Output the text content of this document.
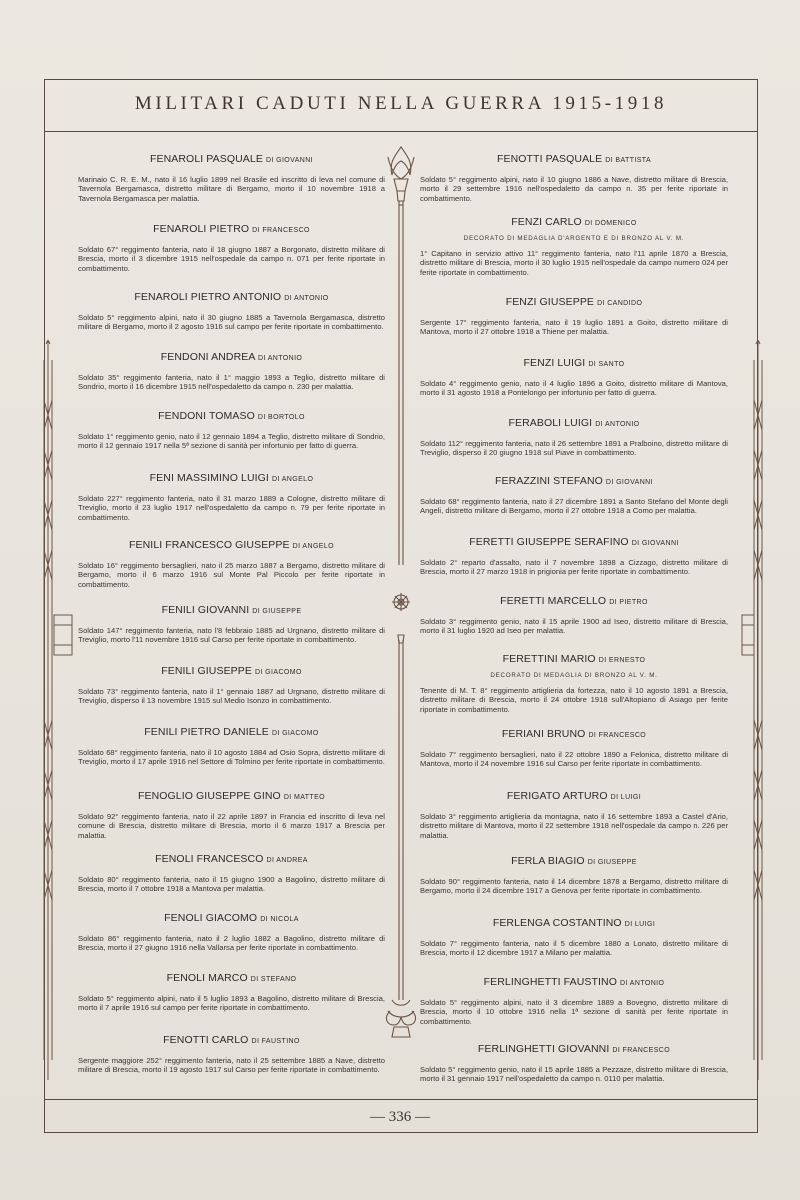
MILITARI CADUTI NELLA GUERRA 1915-1918
— 336 —
FENAROLI PASQUALE DI GIOVANNI
Marinaio C. R. E. M., nato il 16 luglio 1899 nel Brasile ed inscritto di leva nel comune di Tavernola Bergamasca, distretto militare di Bergamo, morto il 10 novembre 1918 a Tavernola Bergamasca per malattia.
FENAROLI PIETRO DI FRANCESCO
Soldato 67° reggimento fanteria, nato il 18 giugno 1887 a Borgonato, distretto militare di Brescia, morto il 3 dicembre 1915 nell'ospedale da campo n. 071 per ferite riportate in combattimento.
FENAROLI PIETRO ANTONIO DI ANTONIO
Soldato 5° reggimento alpini, nato il 30 giugno 1885 a Tavernola Bergamasca, distretto militare di Bergamo, morto il 2 agosto 1916 sul campo per ferite riportate in combattimento.
FENDONI ANDREA DI ANTONIO
Soldato 35° reggimento fanteria, nato il 1° maggio 1893 a Teglio, distretto militare di Sondrio, morto il 16 dicembre 1915 nell'ospedaletto da campo n. 230 per malattia.
FENDONI TOMASO DI BORTOLO
Soldato 1° reggimento genio, nato il 12 gennaio 1894 a Teglio, distretto militare di Sondrio, morto il 12 gennaio 1917 nella 5ª sezione di sanità per infortunio per fatto di guerra.
FENI MASSIMINO LUIGI DI ANGELO
Soldato 227° reggimento fanteria, nato il 31 marzo 1889 a Cologne, distretto militare di Treviglio, morto il 23 luglio 1917 nell'ospedaletto da campo n. 79 per ferite riportate in combattimento.
FENILI FRANCESCO GIUSEPPE DI ANGELO
Soldato 16° reggimento bersaglieri, nato il 25 marzo 1887 a Bergamo, distretto militare di Bergamo, morto il 6 marzo 1916 sul Monte Pal Piccolo per ferite riportate in combattimento.
FENILI GIOVANNI DI GIUSEPPE
Soldato 147° reggimento fanteria, nato l'8 febbraio 1885 ad Urgnano, distretto militare di Treviglio, morto l'11 novembre 1916 sul Carso per ferite riportate in combattimento.
FENILI GIUSEPPE DI GIACOMO
Soldato 73° reggimento fanteria, nato il 1° gennaio 1887 ad Urgnano, distretto militare di Treviglio, disperso il 13 novembre 1915 sul Medio Isonzo in combattimento.
FENILI PIETRO DANIELE DI GIACOMO
Soldato 68° reggimento fanteria, nato il 10 agosto 1884 ad Osio Sopra, distretto militare di Treviglio, morto il 17 aprile 1916 nel Settore di Tolmino per ferite riportate in combattimento.
FENOGLIO GIUSEPPE GINO DI MATTEO
Soldato 92° reggimento fanteria, nato il 22 aprile 1897 in Francia ed inscritto di leva nel comune di Brescia, distretto militare di Brescia, morto il 6 marzo 1917 a Brescia per malattia.
FENOLI FRANCESCO DI ANDREA
Soldato 80° reggimento fanteria, nato il 15 giugno 1900 a Bagolino, distretto militare di Brescia, morto il 7 ottobre 1918 a Mantova per malattia.
FENOLI GIACOMO DI NICOLA
Soldato 86° reggimento fanteria, nato il 2 luglio 1882 a Bagolino, distretto militare di Brescia, morto il 27 giugno 1916 nella Vallarsa per ferite riportate in combattimento.
FENOLI MARCO DI STEFANO
Soldato 5° reggimento alpini, nato il 5 luglio 1893 a Bagolino, distretto militare di Brescia, morto il 7 aprile 1916 sul campo per ferite riportate in combattimento.
FENOTTI CARLO DI FAUSTINO
Sergente maggiore 252° reggimento fanteria, nato il 25 settembre 1885 a Nave, distretto militare di Brescia, morto il 19 agosto 1917 sul Carso per ferite riportate in combattimento.
FENOTTI PASQUALE DI BATTISTA
Soldato 5° reggimento alpini, nato il 10 giugno 1886 a Nave, distretto militare di Brescia, morto il 29 settembre 1916 nell'ospedaletto da campo n. 35 per ferite riportate in combattimento.
FENZI CARLO DI DOMENICO
DECORATO DI MEDAGLIA D'ARGENTO E DI BRONZO AL V. M.
1° Capitano in servizio attivo 11° reggimento fanteria, nato l'11 aprile 1870 a Brescia, distretto militare di Brescia, morto il 30 luglio 1915 nell'ospedale da campo numero 024 per ferite riportate in combattimento.
FENZI GIUSEPPE DI CANDIDO
Sergente 17° reggimento fanteria, nato il 19 luglio 1891 a Goito, distretto militare di Mantova, morto il 27 ottobre 1918 a Thiene per malattia.
FENZI LUIGI DI SANTO
Soldato 4° reggimento genio, nato il 4 luglio 1896 a Goito, distretto militare di Mantova, morto il 31 agosto 1918 a Pontelongo per infortunio per fatto di guerra.
FERABOLI LUIGI DI ANTONIO
Soldato 112° reggimento fanteria, nato il 26 settembre 1891 a Pralboino, distretto militare di Treviglio, disperso il 20 giugno 1918 sul Piave in combattimento.
FERAZZINI STEFANO DI GIOVANNI
Soldato 68° reggimento fanteria, nato il 27 dicembre 1891 a Santo Stefano del Monte degli Angeli, distretto militare di Bergamo, morto il 27 ottobre 1918 a Como per malattia.
FERETTI GIUSEPPE SERAFINO DI GIOVANNI
Soldato 2° reparto d'assalto, nato il 7 novembre 1898 a Cizzago, distretto militare di Brescia, morto il 27 marzo 1918 in prigionia per ferite riportate in combattimento.
FERETTI MARCELLO DI PIETRO
Soldato 3° reggimento genio, nato il 15 aprile 1900 ad Iseo, distretto militare di Brescia, morto il 31 luglio 1920 ad Iseo per malattia.
FERETTINI MARIO DI ERNESTO
DECORATO DI MEDAGLIA DI BRONZO AL V. M.
Tenente di M. T. 8° reggimento artiglieria da fortezza, nato il 10 agosto 1891 a Brescia, distretto militare di Brescia, morto il 24 ottobre 1918 sull'Altopiano di Asiago per ferite riportate in combattimento.
FERIANI BRUNO DI FRANCESCO
Soldato 7° reggimento bersaglieri, nato il 22 ottobre 1890 a Felonica, distretto militare di Mantova, morto il 24 novembre 1916 sul Carso per ferite riportate in combattimento.
FERIGATO ARTURO DI LUIGI
Soldato 3° reggimento artiglieria da montagna, nato il 16 settembre 1893 a Castel d'Ario, distretto militare di Mantova, morto il 22 settembre 1918 nell'ospedale da campo n. 226 per malattia.
FERLA BIAGIO DI GIUSEPPE
Soldato 90° reggimento fanteria, nato il 14 dicembre 1878 a Bergamo, distretto militare di Bergamo, morto il 24 dicembre 1917 a Genova per ferite riportate in combattimento.
FERLENGA COSTANTINO DI LUIGI
Soldato 7° reggimento fanteria, nato il 5 dicembre 1880 a Lonato, distretto militare di Brescia, morto il 12 dicembre 1917 a Milano per malattia.
FERLINGHETTI FAUSTINO DI ANTONIO
Soldato 5° reggimento alpini, nato il 3 dicembre 1889 a Bovegno, distretto militare di Brescia, morto il 10 ottobre 1916 nella 1ª sezione di sanità per ferite riportate in combattimento.
FERLINGHETTI GIOVANNI DI FRANCESCO
Soldato 5° reggimento genio, nato il 15 aprile 1885 a Pezzaze, distretto militare di Brescia, morto il 31 gennaio 1917 nell'ospedaletto da campo n. 0110 per malattia.
